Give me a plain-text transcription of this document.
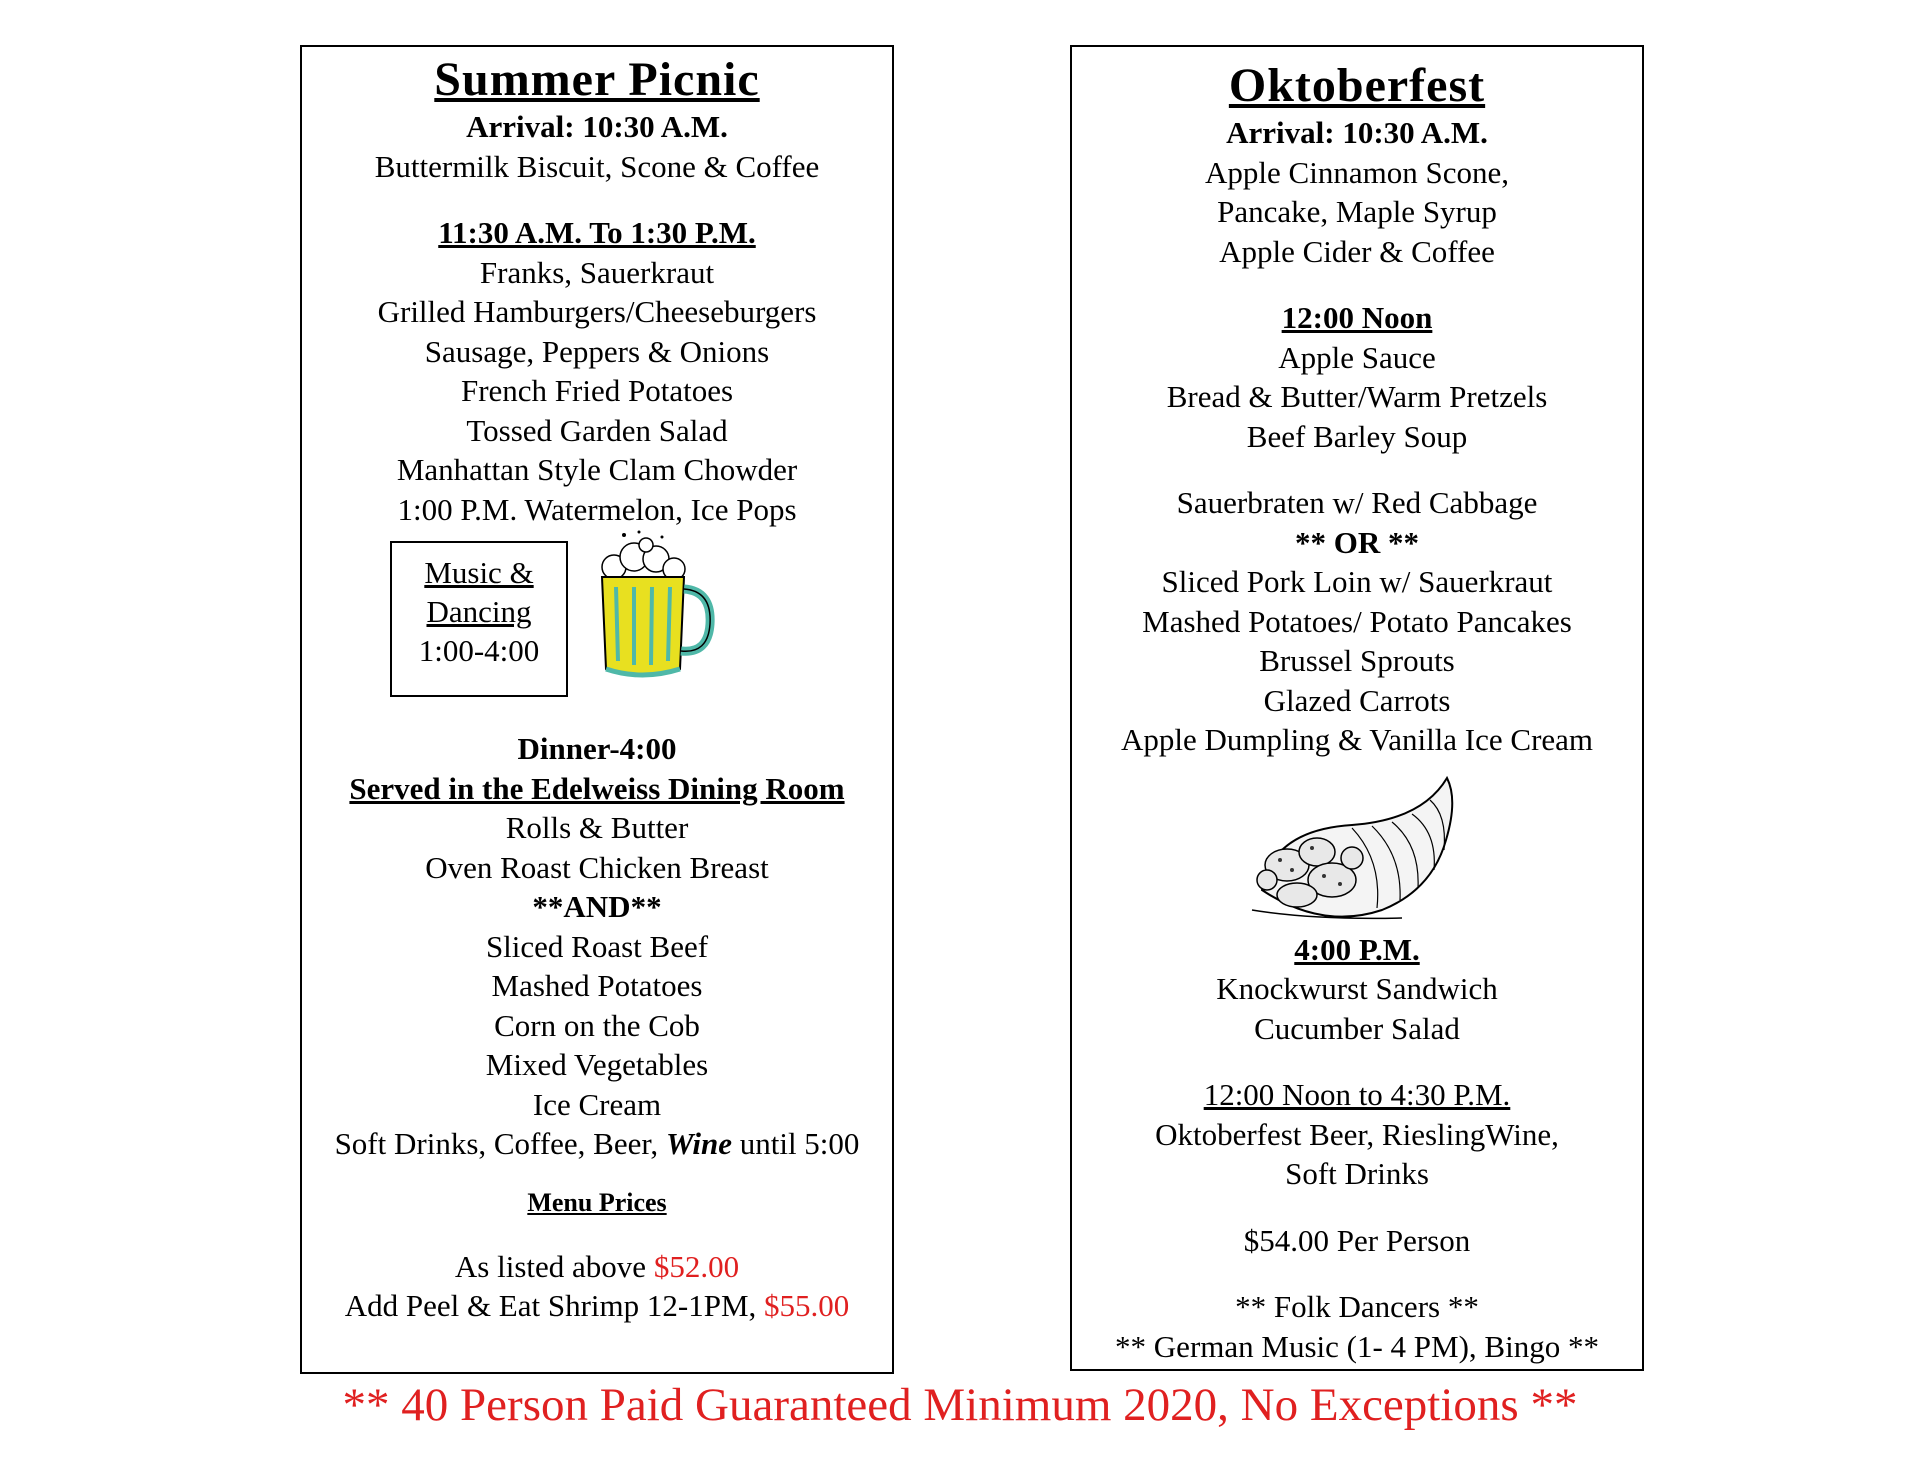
Summer Picnic
Arrival: 10:30 A.M.
Buttermilk Biscuit, Scone & Coffee
11:30 A.M. To 1:30 P.M.
Franks, Sauerkraut
Grilled Hamburgers/Cheeseburgers
Sausage, Peppers & Onions
French Fried Potatoes
Tossed Garden Salad
Manhattan Style Clam Chowder
1:00 P.M. Watermelon, Ice Pops
Music &
Dancing
1:00-4:00
Dinner-4:00
Served in the Edelweiss Dining Room
Rolls & Butter
Oven Roast Chicken Breast
**AND**
Sliced Roast Beef
Mashed Potatoes
Corn on the Cob
Mixed Vegetables
Ice Cream
Soft Drinks, Coffee, Beer, Wine until 5:00
Menu Prices
As listed above $52.00
Add Peel & Eat Shrimp 12-1PM, $55.00
Oktoberfest
Arrival: 10:30 A.M.
Apple Cinnamon Scone,
Pancake, Maple Syrup
Apple Cider & Coffee
12:00 Noon
Apple Sauce
Bread & Butter/Warm Pretzels
Beef Barley Soup
Sauerbraten w/ Red Cabbage
** OR **
Sliced Pork Loin w/ Sauerkraut
Mashed Potatoes/ Potato Pancakes
Brussel Sprouts
Glazed Carrots
Apple Dumpling & Vanilla Ice Cream
4:00 P.M.
Knockwurst Sandwich
Cucumber Salad
12:00 Noon to 4:30 P.M.
Oktoberfest Beer, RieslingWine,
Soft Drinks
$54.00 Per Person
** Folk Dancers **
** German Music (1- 4 PM), Bingo **
** 40 Person Paid Guaranteed Minimum 2020, No Exceptions **
